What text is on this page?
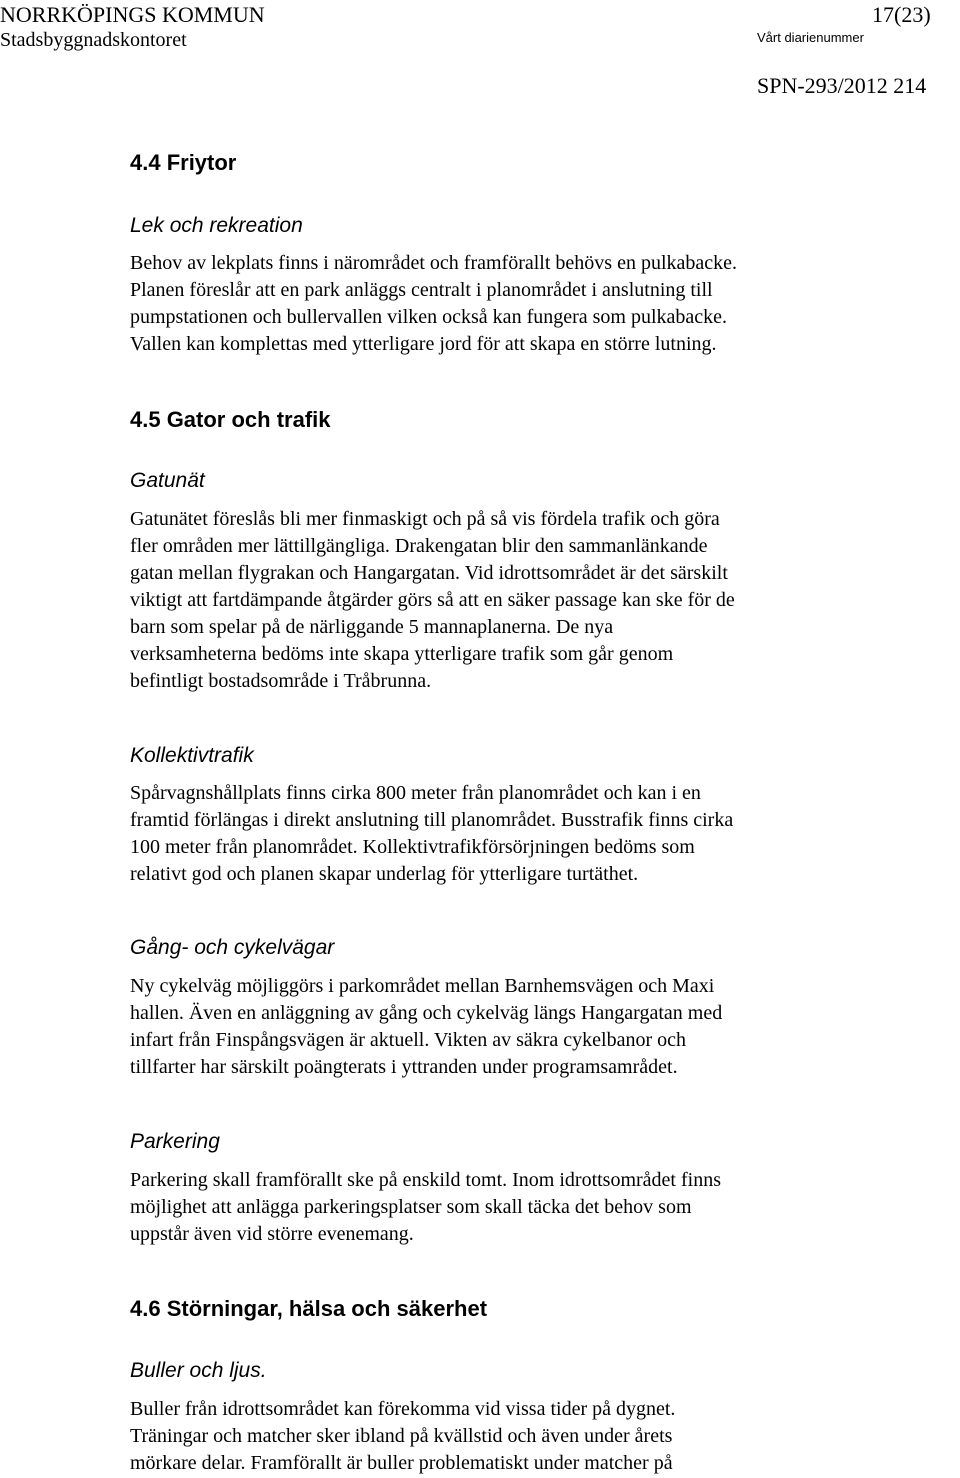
NORRKÖPINGS KOMMUN	17(23)
Stadsbyggnadskontoret	Vårt diarienummer
SPN-293/2012 214
4.4 Friytor
Lek och rekreation
Behov av lekplats finns i närområdet och framförallt behövs en pulkabacke.
Planen föreslår att en park anläggs centralt i planområdet i anslutning till
pumpstationen och bullervallen vilken också kan fungera som pulkabacke.
Vallen kan komplettas med ytterligare jord för att skapa en större lutning.
4.5 Gator och trafik
Gatunät
Gatunätet föreslås bli mer finmaskigt och på så vis fördela trafik och göra
fler områden mer lättillgängliga. Drakengatan blir den sammanlänkande
gatan mellan flygrakan och Hangargatan. Vid idrottsområdet är det särskilt
viktigt att fartdämpande åtgärder görs så att en säker passage kan ske för de
barn som spelar på de närliggande 5 mannaplanerna. De nya
verksamheterna bedöms inte skapa ytterligare trafik som går genom
befintligt bostadsområde i Tråbrunna.
Kollektivtrafik
Spårvagnshållplats finns cirka 800 meter från planområdet och kan i en
framtid förlängas i direkt anslutning till planområdet. Busstrafik finns cirka
100 meter från planområdet. Kollektivtrafikförsörjningen bedöms som
relativt god och planen skapar underlag för ytterligare turtäthet.
Gång- och cykelvägar
Ny cykelväg möjliggörs i parkområdet mellan Barnhemsvägen och Maxi
hallen. Även en anläggning av gång och cykelväg längs Hangargatan med
infart från Finspångsvägen är aktuell. Vikten av säkra cykelbanor och
tillfarter har särskilt poängterats i yttranden under programsamrådet.
Parkering
Parkering skall framförallt ske på enskild tomt. Inom idrottsområdet finns
möjlighet att anlägga parkeringsplatser som skall täcka det behov som
uppstår även vid större evenemang.
4.6 Störningar, hälsa och säkerhet
Buller och ljus.
Buller från idrottsområdet kan förekomma vid vissa tider på dygnet.
Träningar och matcher sker ibland på kvällstid och även under årets
mörkare delar. Framförallt är buller problematiskt under matcher på
